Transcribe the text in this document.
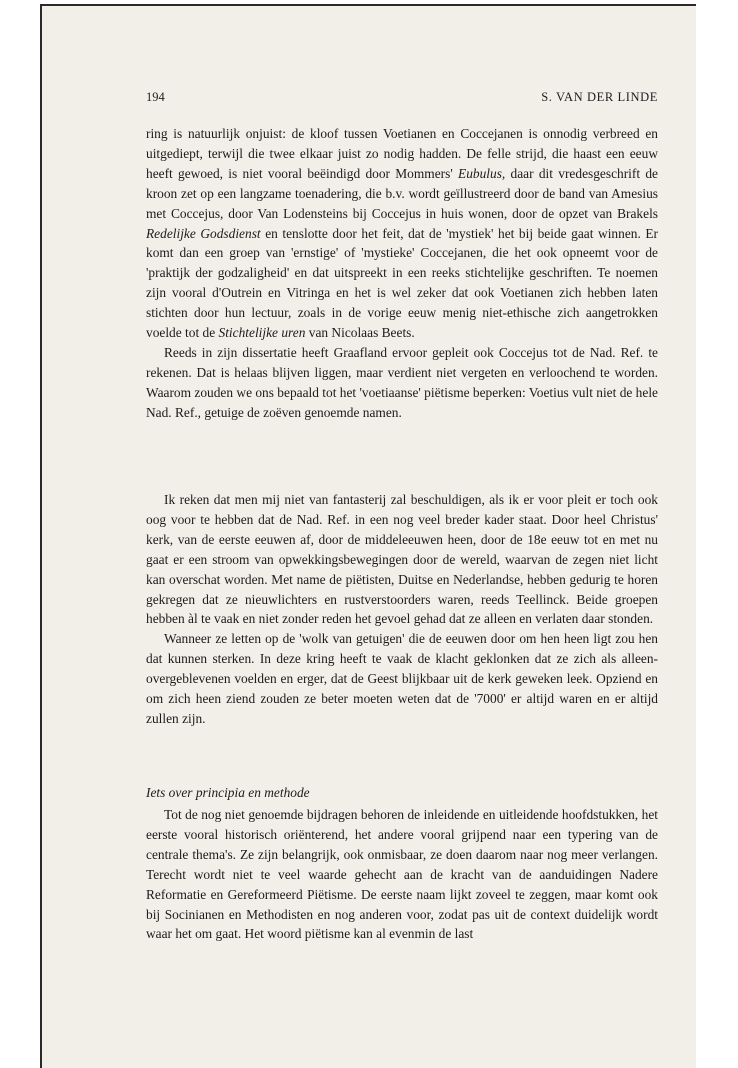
194	S. VAN DER LINDE

ring is natuurlijk onjuist: de kloof tussen Voetianen en Coccejanen is onnodig verbreed en uitgediept, terwijl die twee elkaar juist zo nodig hadden. De felle strijd, die haast een eeuw heeft gewoed, is niet vooral beëindigd door Mommers' Eubulus, daar dit vredesgeschrift de kroon zet op een langzame toenadering, die b.v. wordt geïllustreerd door de band van Amesius met Coccejus, door Van Lodensteins bij Coccejus in huis wonen, door de opzet van Brakels Redelijke Godsdienst en tenslotte door het feit, dat de 'mystiek' het bij beide gaat winnen. Er komt dan een groep van 'ernstige' of 'mystieke' Coccejanen, die het ook opneemt voor de 'praktijk der godzaligheid' en dat uitspreekt in een reeks stichtelijke geschriften. Te noemen zijn vooral d'Outrein en Vitringa en het is wel zeker dat ook Voetianen zich hebben laten stichten door hun lectuur, zoals in de vorige eeuw menig niet-ethische zich aangetrokken voelde tot de Stichtelijke uren van Nicolaas Beets.

Reeds in zijn dissertatie heeft Graafland ervoor gepleit ook Coccejus tot de Nad. Ref. te rekenen. Dat is helaas blijven liggen, maar verdient niet vergeten en verloochend te worden. Waarom zouden we ons bepaald tot het 'voetiaanse' piëtisme beperken: Voetius vult niet de hele Nad. Ref., getuige de zoëven genoemde namen.

Ik reken dat men mij niet van fantasterij zal beschuldigen, als ik er voor pleit er toch ook oog voor te hebben dat de Nad. Ref. in een nog veel breder kader staat. Door heel Christus' kerk, van de eerste eeuwen af, door de middeleeuwen heen, door de 18e eeuw tot en met nu gaat er een stroom van opwekkingsbewegingen door de wereld, waarvan de zegen niet licht kan overschat worden. Met name de piëtisten, Duitse en Nederlandse, hebben gedurig te horen gekregen dat ze nieuwlichters en rustverstoorders waren, reeds Teellinck. Beide groepen hebben àl te vaak en niet zonder reden het gevoel gehad dat ze alleen en verlaten daar stonden.

Wanneer ze letten op de 'wolk van getuigen' die de eeuwen door om hen heen ligt zou hen dat kunnen sterken. In deze kring heeft te vaak de klacht geklonken dat ze zich als alleen-overgeblevenen voelden en erger, dat de Geest blijkbaar uit de kerk geweken leek. Opziend en om zich heen ziend zouden ze beter moeten weten dat de '7000' er altijd waren en er altijd zullen zijn.

Iets over principia en methode

Tot de nog niet genoemde bijdragen behoren de inleidende en uitleidende hoofdstukken, het eerste vooral historisch oriënterend, het andere vooral grijpend naar een typering van de centrale thema's. Ze zijn belangrijk, ook onmisbaar, ze doen daarom naar nog meer verlangen. Terecht wordt niet te veel waarde gehecht aan de kracht van de aanduidingen Nadere Reformatie en Gereformeerd Piëtisme. De eerste naam lijkt zoveel te zeggen, maar komt ook bij Socinianen en Methodisten en nog anderen voor, zodat pas uit de context duidelijk wordt waar het om gaat. Het woord piëtisme kan al evenmin de last
